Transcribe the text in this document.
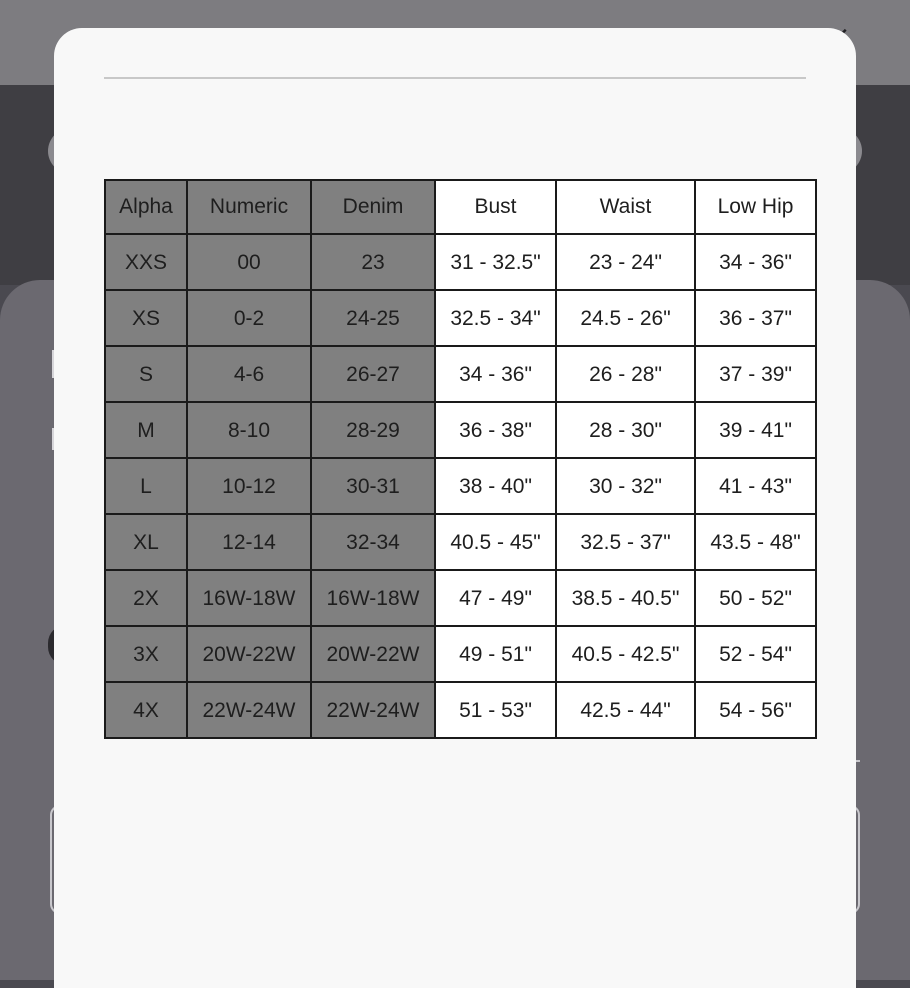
Alpha	Numeric	Denim	Bust	Waist	Low Hip
XXS	00	23	31 - 32.5"	23 - 24"	34 - 36"
XS	0-2	24-25	32.5 - 34"	24.5 - 26"	36 - 37"
S	4-6	26-27	34 - 36"	26 - 28"	37 - 39"
M	8-10	28-29	36 - 38"	28 - 30"	39 - 41"
L	10-12	30-31	38 - 40"	30 - 32"	41 - 43"
XL	12-14	32-34	40.5 - 45"	32.5 - 37"	43.5 - 48"
2X	16W-18W	16W-18W	47 - 49"	38.5 - 40.5"	50 - 52"
3X	20W-22W	20W-22W	49 - 51"	40.5 - 42.5"	52 - 54"
4X	22W-24W	22W-24W	51 - 53"	42.5 - 44"	54 - 56"
